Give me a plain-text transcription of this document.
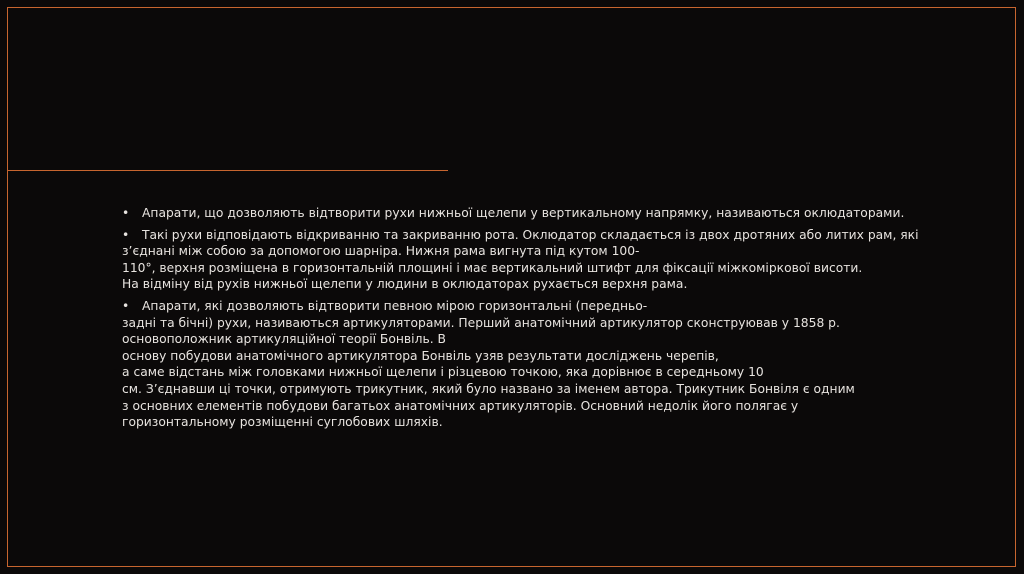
• Апарати, що дозволяють відтворити рухи нижньої щелепи у вертикальному напрямку, називаються оклюдаторами.
• Такі рухи відповідають відкриванню та закриванню рота. Оклюдатор складається із двох дротяних або литих рам, які
з’єднані між собою за допомогою шарніра. Нижня рама вигнута під кутом 100-
110°, верхня розміщена в горизонтальній площині і має вертикальний штифт для фіксації міжкоміркової висоти.
На відміну від рухів нижньої щелепи у людини в оклюдаторах рухається верхня рама.
• Апарати, які дозволяють відтворити певною мірою горизонтальні (передньо-
задні та бічні) рухи, називаються артикуляторами. Перший анатомічний артикулятор сконструював у 1858 р.
основоположник артикуляційної теорії Бонвіль. В
основу побудови анатомічного артикулятора Бонвіль узяв результати досліджень черепів,
а саме відстань між головками нижньої щелепи і різцевою точкою, яка дорівнює в середньому 10
см. З’єднавши ці точки, отримують трикутник, який було названо за іменем автора. Трикутник Бонвіля є одним
з основних елементів побудови багатьох анатомічних артикуляторів. Основний недолік його полягає у
горизонтальному розміщенні суглобових шляхів.
